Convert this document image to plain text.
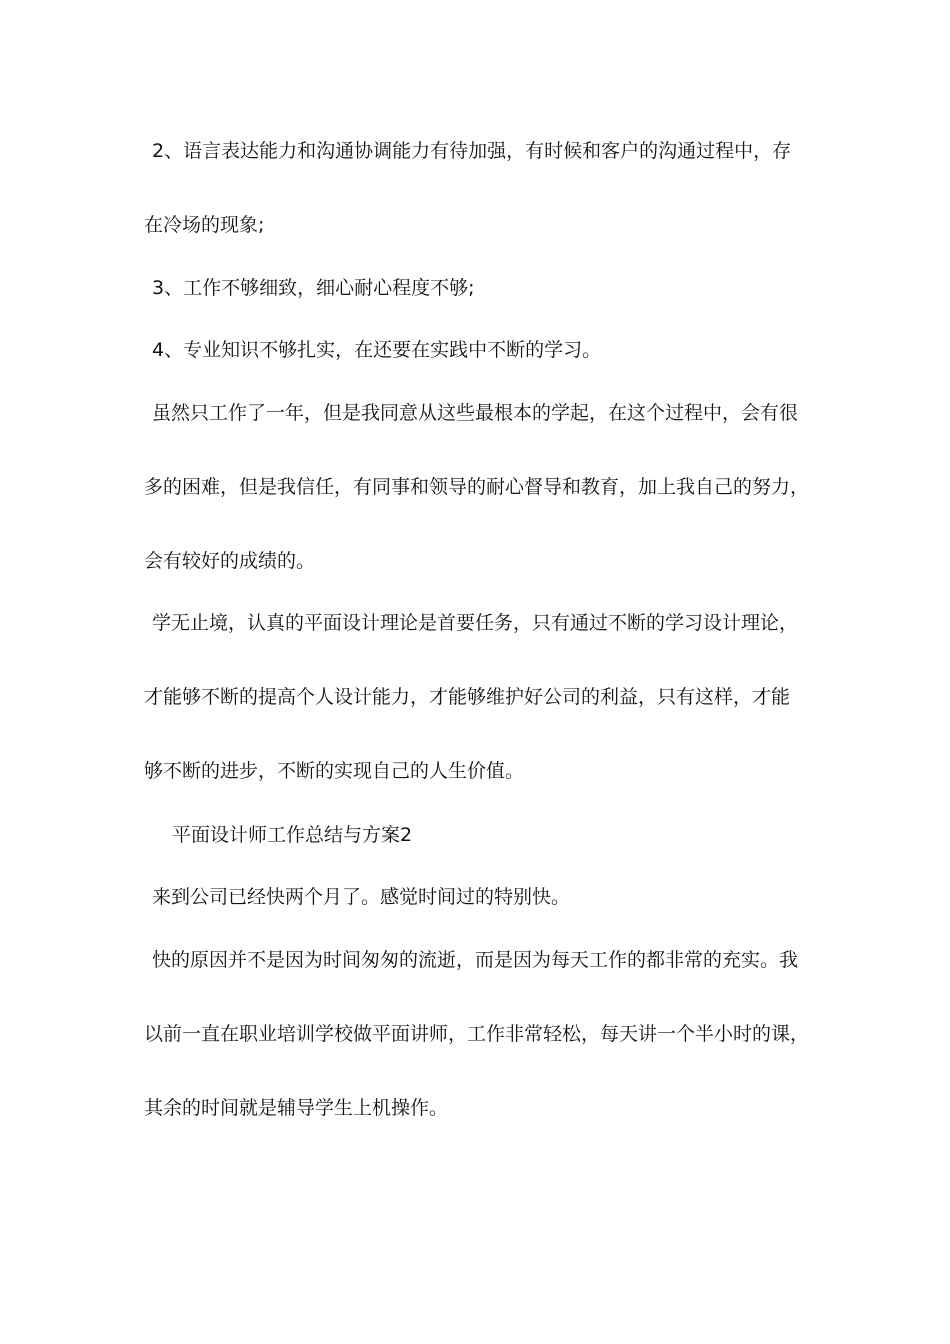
2、语言表达能力和沟通协调能力有待加强，有时候和客户的沟通过程中，存
在冷场的现象;
3、工作不够细致，细心耐心程度不够;
4、专业知识不够扎实，在还要在实践中不断的学习。
虽然只工作了一年，但是我同意从这些最根本的学起，在这个过程中，会有很
多的困难，但是我信任，有同事和领导的耐心督导和教育，加上我自己的努力，
会有较好的成绩的。
学无止境，认真的平面设计理论是首要任务，只有通过不断的学习设计理论，
才能够不断的提高个人设计能力，才能够维护好公司的利益，只有这样，才能
够不断的进步，不断的实现自己的人生价值。
平面设计师工作总结与方案2
来到公司已经快两个月了。感觉时间过的特别快。
快的原因并不是因为时间匆匆的流逝，而是因为每天工作的都非常的充实。我
以前一直在职业培训学校做平面讲师，工作非常轻松，每天讲一个半小时的课，
其余的时间就是辅导学生上机操作。
